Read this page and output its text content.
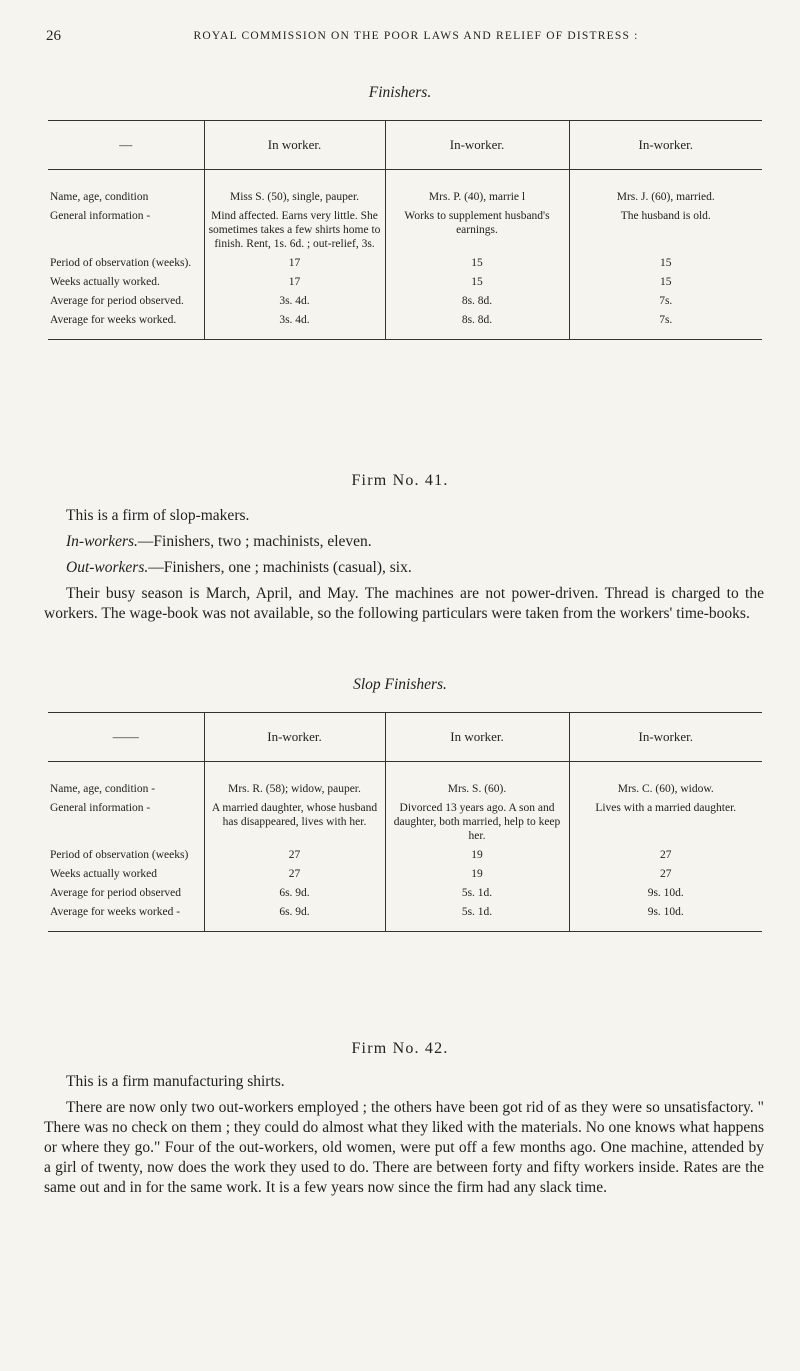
26	ROYAL COMMISSION ON THE POOR LAWS AND RELIEF OF DISTRESS :
Finishers.
—	In worker.	In-worker.	In-worker.
Name, age, condition	Miss S. (50), single, pauper.	Mrs. P. (40), marrie l	Mrs. J. (60), married.
General information -	Mind affected. Earns very little. She sometimes takes a few shirts home to finish. Rent, 1s. 6d. ; out-relief, 3s.	Works to supplement husband's earnings.	The husband is old.
Period of observation (weeks).	17	15	15
Weeks actually worked.	17	15	15
Average for period observed.	3s. 4d.	8s. 8d.	7s.
Average for weeks worked.	3s. 4d.	8s. 8d.	7s.
Firm No. 41.

This is a firm of slop-makers.

In-workers.—Finishers, two ; machinists, eleven.

Out-workers.—Finishers, one ; machinists (casual), six.

Their busy season is March, April, and May. The machines are not power-driven. Thread is charged to the workers. The wage-book was not available, so the following particulars were taken from the workers' time-books.

Slop Finishers.
——	In-worker.	In worker.	In-worker.
Name, age, condition -	Mrs. R. (58); widow, pauper.	Mrs. S. (60).	Mrs. C. (60), widow.
General information -	A married daughter, whose husband has disappeared, lives with her.	Divorced 13 years ago. A son and daughter, both married, help to keep her.	Lives with a married daughter.
Period of observation (weeks)	27	19	27
Weeks actually worked	27	19	27
Average for period observed	6s. 9d.	5s. 1d.	9s. 10d.
Average for weeks worked -	6s. 9d.	5s. 1d.	9s. 10d.
Firm No. 42.

This is a firm manufacturing shirts.

There are now only two out-workers employed ; the others have been got rid of as they were so unsatisfactory. " There was no check on them ; they could do almost what they liked with the materials. No one knows what happens or where they go." Four of the out-workers, old women, were put off a few months ago. One machine, attended by a girl of twenty, now does the work they used to do. There are between forty and fifty workers inside. Rates are the same out and in for the same work. It is a few years now since the firm had any slack time.
